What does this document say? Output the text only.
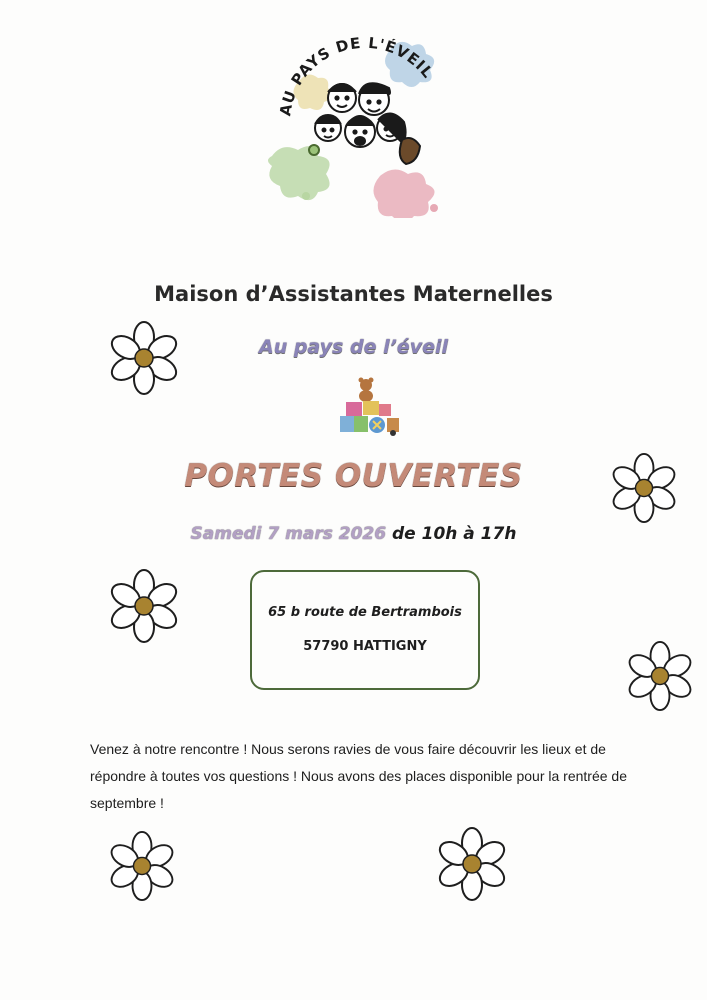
AU PAYS DE L'ÉVEIL
Maison d’Assistantes Maternelles
Au pays de l’éveil
PORTES OUVERTES
Samedi 7 mars 2026 de 10h à 17h
65 b route de Bertrambois
57790 HATTIGNY
Venez à notre rencontre ! Nous serons ravies de vous faire découvrir les lieux et de répondre à toutes vos questions ! Nous avons des places disponible pour la rentrée de septembre !
